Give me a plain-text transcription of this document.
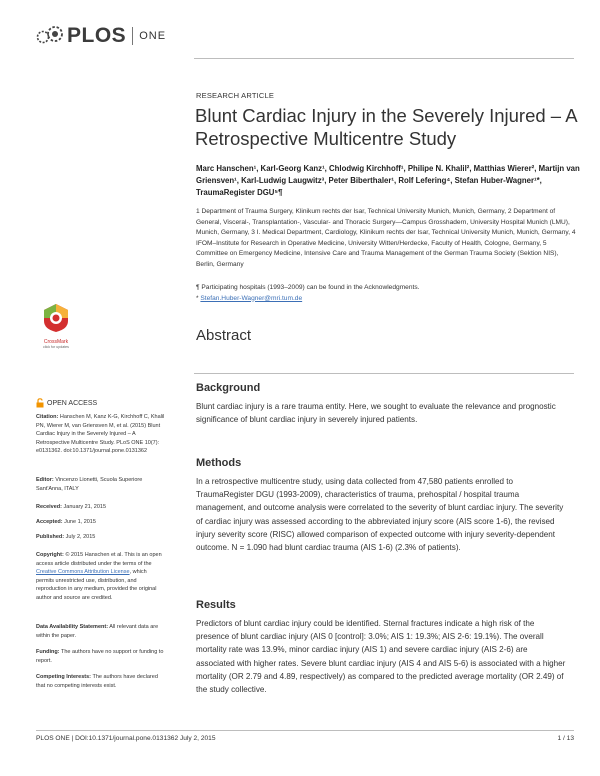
PLOS ONE
RESEARCH ARTICLE
Blunt Cardiac Injury in the Severely Injured – A Retrospective Multicentre Study
Marc Hanschen¹, Karl-Georg Kanz¹, Chlodwig Kirchhoff¹, Philipe N. Khalil², Matthias Wierer², Martijn van Griensven¹, Karl-Ludwig Laugwitz³, Peter Biberthaler¹, Rolf Lefering⁴, Stefan Huber-Wagner¹*, TraumaRegister DGU⁵¶
1 Department of Trauma Surgery, Klinikum rechts der Isar, Technical University Munich, Munich, Germany, 2 Department of General, Visceral-, Transplantation-, Vascular- and Thoracic Surgery—Campus Grosshadern, University Hospital Munich (LMU), Munich, Germany, 3 I. Medical Department, Cardiology, Klinikum rechts der Isar, Technical University Munich, Munich, Germany, 4 IFOM–Institute for Research in Operative Medicine, University Witten/Herdecke, Faculty of Health, Cologne, Germany, 5 Committee on Emergency Medicine, Intensive Care and Trauma Management of the German Trauma Society (Sektion NIS), Berlin, Germany
¶ Participating hospitals (1993–2009) can be found in the Acknowledgments.
* Stefan.Huber-Wagner@mri.tum.de
Abstract
Background
Blunt cardiac injury is a rare trauma entity. Here, we sought to evaluate the relevance and prognostic significance of blunt cardiac injury in severely injured patients.
Methods
In a retrospective multicentre study, using data collected from 47,580 patients enrolled to TraumaRegister DGU (1993-2009), characteristics of trauma, prehospital / hospital trauma management, and outcome analysis were correlated to the severity of blunt cardiac injury. The severity of cardiac injury was assessed according to the abbreviated injury score (AIS score 1-6), the revised injury severity score (RISC) allowed comparison of expected outcome with injury severity-dependent outcome. N = 1.090 had blunt cardiac trauma (AIS 1-6) (2.3% of patients).
Results
Predictors of blunt cardiac injury could be identified. Sternal fractures indicate a high risk of the presence of blunt cardiac injury (AIS 0 [control]: 3.0%; AIS 1: 19.3%; AIS 2-6: 19.1%). The overall mortality rate was 13.9%, minor cardiac injury (AIS 1) and severe cardiac injury (AIS 2-6) are associated with higher rates. Severe blunt cardiac injury (AIS 4 and AIS 5-6) is associated with a higher mortality (OR 2.79 and 4.89, respectively) as compared to the predicted average mortality (OR 2.49) of the study collective.
CrossMark
click for updates
OPEN ACCESS
Citation: Hanschen M, Kanz K-G, Kirchhoff C, Khalil PN, Wierer M, van Griensven M, et al. (2015) Blunt Cardiac Injury in the Severely Injured – A Retrospective Multicentre Study. PLoS ONE 10(7): e0131362. doi:10.1371/journal.pone.0131362
Editor: Vincenzo Lionetti, Scuola Superiore Sant'Anna, ITALY
Received: January 21, 2015
Accepted: June 1, 2015
Published: July 2, 2015
Copyright: © 2015 Hanschen et al. This is an open access article distributed under the terms of the Creative Commons Attribution License, which permits unrestricted use, distribution, and reproduction in any medium, provided the original author and source are credited.
Data Availability Statement: All relevant data are within the paper.
Funding: The authors have no support or funding to report.
Competing Interests: The authors have declared that no competing interests exist.
PLOS ONE | DOI:10.1371/journal.pone.0131362 July 2, 2015	1 / 13
